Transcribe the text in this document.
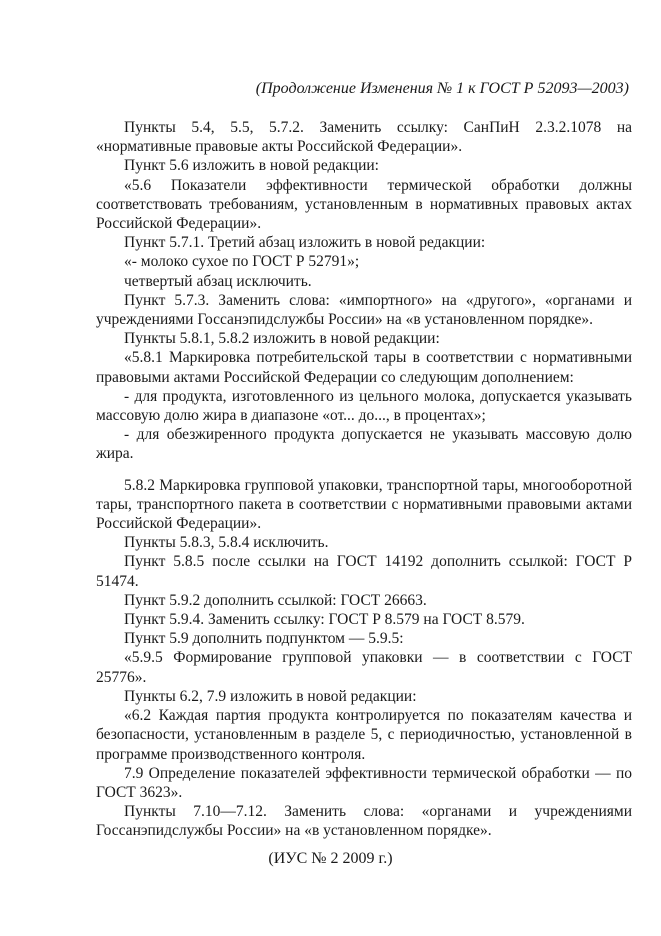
(Продолжение Изменения № 1 к ГОСТ Р 52093—2003)

Пункты 5.4, 5.5, 5.7.2. Заменить ссылку: СанПиН 2.3.2.1078 на «нормативные правовые акты Российской Федерации».

Пункт 5.6 изложить в новой редакции:

«5.6 Показатели эффективности термической обработки должны соответствовать требованиям, установленным в нормативных правовых актах Российской Федерации».

Пункт 5.7.1. Третий абзац изложить в новой редакции:

«- молоко сухое по ГОСТ Р 52791»;

четвертый абзац исключить.

Пункт 5.7.3. Заменить слова: «импортного» на «другого», «органами и учреждениями Госсанэпидслужбы России» на «в установленном порядке».

Пункты 5.8.1, 5.8.2 изложить в новой редакции:

«5.8.1 Маркировка потребительской тары в соответствии с нормативными правовыми актами Российской Федерации со следующим дополнением:

- для продукта, изготовленного из цельного молока, допускается указывать массовую долю жира в диапазоне «от... до..., в процентах»;

- для обезжиренного продукта допускается не указывать массовую долю жира.

5.8.2 Маркировка групповой упаковки, транспортной тары, многооборотной тары, транспортного пакета в соответствии с нормативными правовыми актами Российской Федерации».

Пункты 5.8.3, 5.8.4 исключить.

Пункт 5.8.5 после ссылки на ГОСТ 14192 дополнить ссылкой: ГОСТ Р 51474.

Пункт 5.9.2 дополнить ссылкой: ГОСТ 26663.

Пункт 5.9.4. Заменить ссылку: ГОСТ Р 8.579 на ГОСТ 8.579.

Пункт 5.9 дополнить подпунктом — 5.9.5:

«5.9.5 Формирование групповой упаковки — в соответствии с ГОСТ 25776».

Пункты 6.2, 7.9 изложить в новой редакции:

«6.2 Каждая партия продукта контролируется по показателям качества и безопасности, установленным в разделе 5, с периодичностью, установленной в программе производственного контроля.

7.9 Определение показателей эффективности термической обработки — по ГОСТ 3623».

Пункты 7.10—7.12. Заменить слова: «органами и учреждениями Госсанэпидслужбы России» на «в установленном порядке».

(ИУС № 2 2009 г.)
